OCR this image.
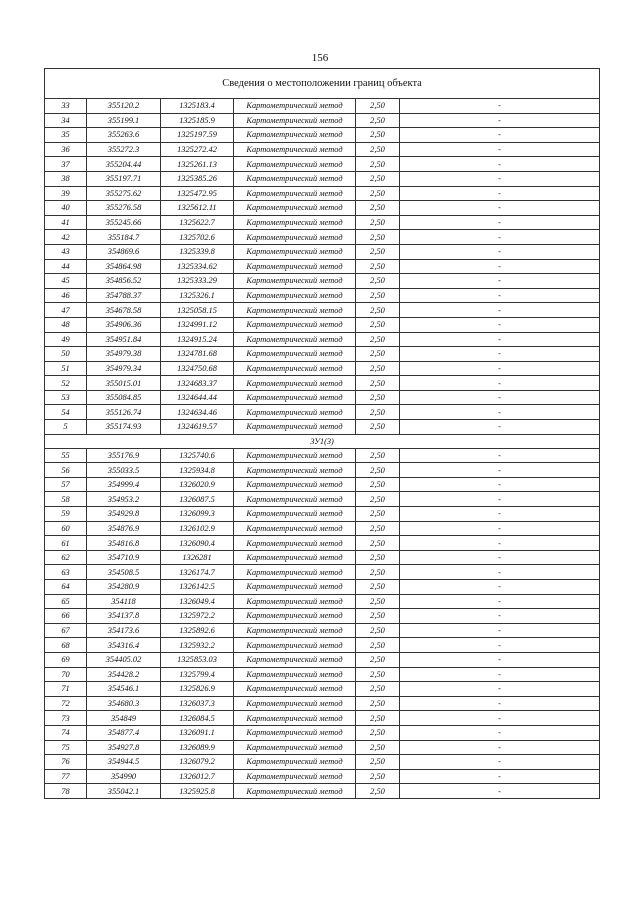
156
Сведения о местоположении границ объекта					
33	355120.2	1325183.4	Картометрический метод	2,50	-
34	355199.1	1325185.9	Картометрический метод	2,50	-
35	355263.6	1325197.59	Картометрический метод	2,50	-
36	355272.3	1325272.42	Картометрический метод	2,50	-
37	355204.44	1325261.13	Картометрический метод	2,50	-
38	355197.71	1325385.26	Картометрический метод	2,50	-
39	355275.62	1325472.95	Картометрический метод	2,50	-
40	355276.58	1325612.11	Картометрический метод	2,50	-
41	355245.66	1325622.7	Картометрический метод	2,50	-
42	355184.7	1325702.6	Картометрический метод	2,50	-
43	354869.6	1325339.8	Картометрический метод	2,50	-
44	354864.98	1325334.62	Картометрический метод	2,50	-
45	354856.52	1325333.29	Картометрический метод	2,50	-
46	354788.37	1325326.1	Картометрический метод	2,50	-
47	354678.58	1325058.15	Картометрический метод	2,50	-
48	354906.36	1324991.12	Картометрический метод	2,50	-
49	354951.84	1324915.24	Картометрический метод	2,50	-
50	354979.38	1324781.68	Картометрический метод	2,50	-
51	354979.34	1324750.68	Картометрический метод	2,50	-
52	355015.01	1324683.37	Картометрический метод	2,50	-
53	355084.85	1324644.44	Картометрический метод	2,50	-
54	355126.74	1324634.46	Картометрический метод	2,50	-
5	355174.93	1324619.57	Картометрический метод	2,50	-
ЗУ1(3)					
55	355176.9	1325740.6	Картометрический метод	2,50	-
56	355033.5	1325934.8	Картометрический метод	2,50	-
57	354999.4	1326020.9	Картометрический метод	2,50	-
58	354953.2	1326087.5	Картометрический метод	2,50	-
59	354929.8	1326099.3	Картометрический метод	2,50	-
60	354876.9	1326102.9	Картометрический метод	2,50	-
61	354816.8	1326090.4	Картометрический метод	2,50	-
62	354710.9	1326281	Картометрический метод	2,50	-
63	354508.5	1326174.7	Картометрический метод	2,50	-
64	354280.9	1326142.5	Картометрический метод	2,50	-
65	354118	1326049.4	Картометрический метод	2,50	-
66	354137.8	1325972.2	Картометрический метод	2,50	-
67	354173.6	1325892.6	Картометрический метод	2,50	-
68	354316.4	1325932.2	Картометрический метод	2,50	-
69	354405.02	1325853.03	Картометрический метод	2,50	-
70	354428.2	1325799.4	Картометрический метод	2,50	-
71	354546.1	1325826.9	Картометрический метод	2,50	-
72	354680.3	1326037.3	Картометрический метод	2,50	-
73	354849	1326084.5	Картометрический метод	2,50	-
74	354877.4	1326091.1	Картометрический метод	2,50	-
75	354927.8	1326089.9	Картометрический метод	2,50	-
76	354944.5	1326079.2	Картометрический метод	2,50	-
77	354990	1326012.7	Картометрический метод	2,50	-
78	355042.1	1325925.8	Картометрический метод	2,50	-
